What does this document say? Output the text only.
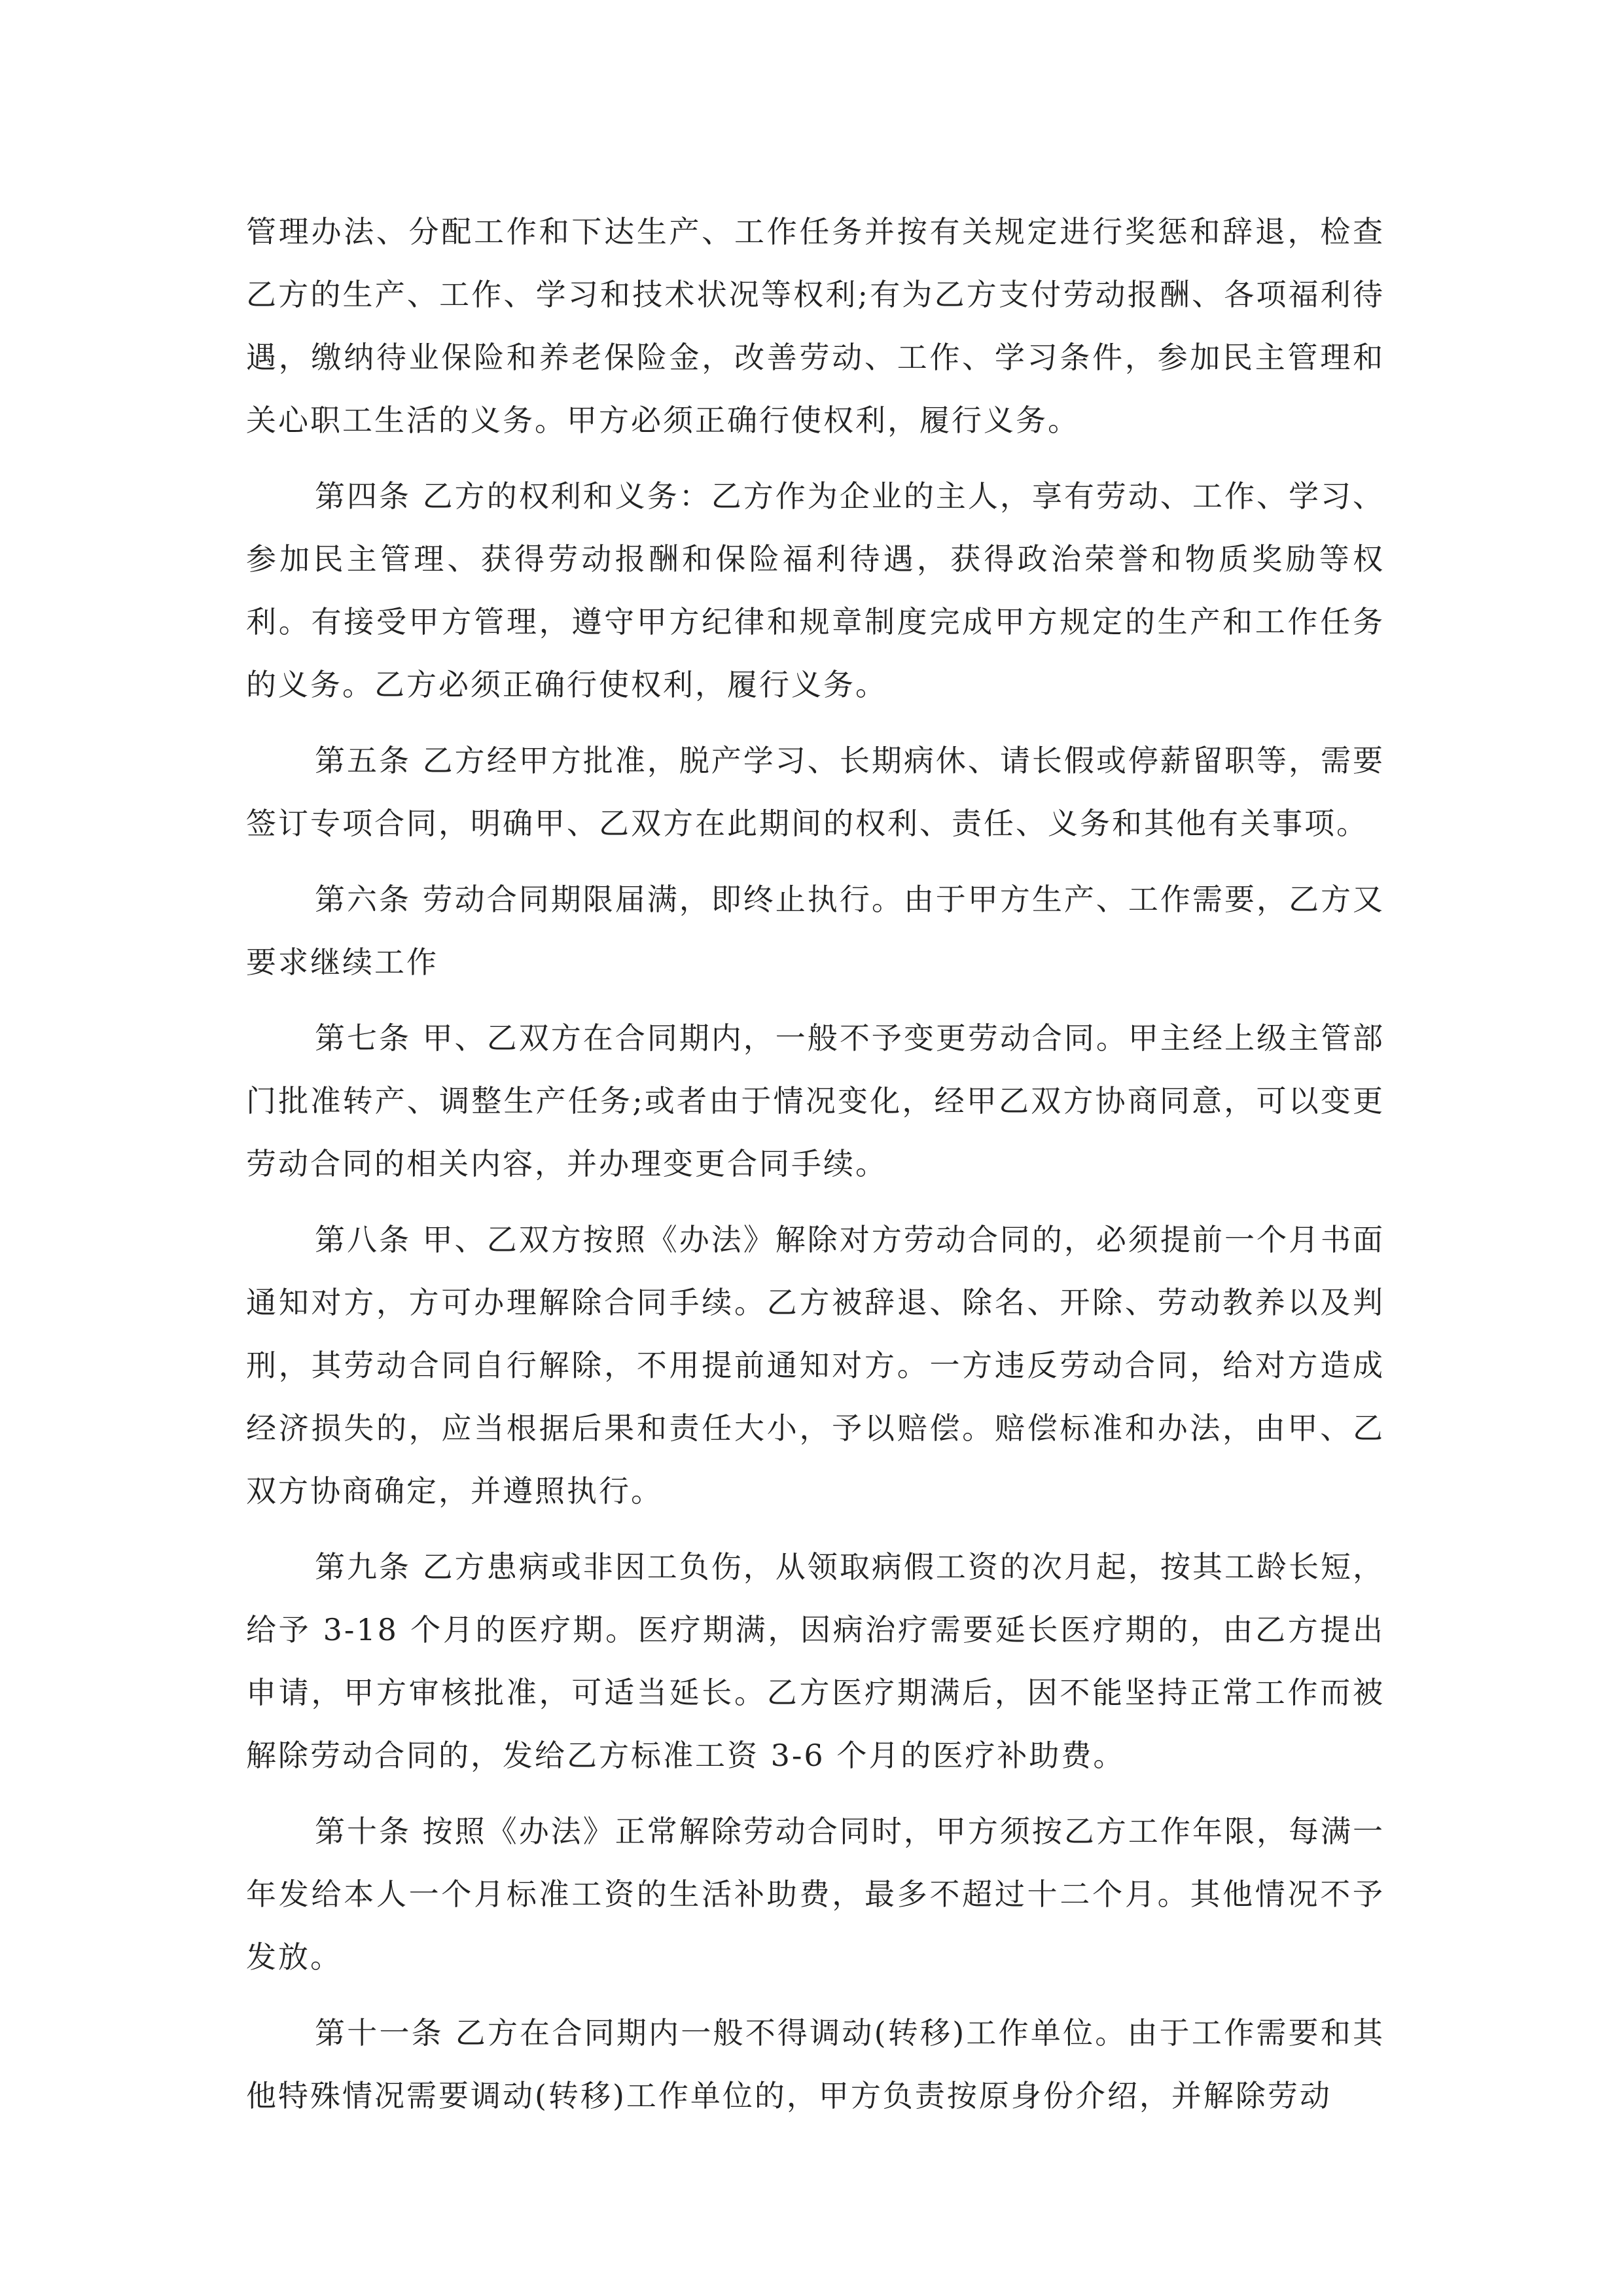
管理办法、分配工作和下达生产、工作任务并按有关规定进行奖惩和辞退，检查乙方的生产、工作、学习和技术状况等权利;有为乙方支付劳动报酬、各项福利待遇，缴纳待业保险和养老保险金，改善劳动、工作、学习条件，参加民主管理和关心职工生活的义务。甲方必须正确行使权利，履行义务。

第四条 乙方的权利和义务：乙方作为企业的主人，享有劳动、工作、学习、参加民主管理、获得劳动报酬和保险福利待遇，获得政治荣誉和物质奖励等权利。有接受甲方管理，遵守甲方纪律和规章制度完成甲方规定的生产和工作任务的义务。乙方必须正确行使权利，履行义务。

第五条 乙方经甲方批准，脱产学习、长期病休、请长假或停薪留职等，需要签订专项合同，明确甲、乙双方在此期间的权利、责任、义务和其他有关事项。

第六条 劳动合同期限届满，即终止执行。由于甲方生产、工作需要，乙方又要求继续工作

第七条 甲、乙双方在合同期内，一般不予变更劳动合同。甲主经上级主管部门批准转产、调整生产任务;或者由于情况变化，经甲乙双方协商同意，可以变更劳动合同的相关内容，并办理变更合同手续。

第八条 甲、乙双方按照《办法》解除对方劳动合同的，必须提前一个月书面通知对方，方可办理解除合同手续。乙方被辞退、除名、开除、劳动教养以及判刑，其劳动合同自行解除，不用提前通知对方。一方违反劳动合同，给对方造成经济损失的，应当根据后果和责任大小，予以赔偿。赔偿标准和办法，由甲、乙双方协商确定，并遵照执行。

第九条 乙方患病或非因工负伤，从领取病假工资的次月起，按其工龄长短，给予 3-18 个月的医疗期。医疗期满，因病治疗需要延长医疗期的，由乙方提出申请，甲方审核批准，可适当延长。乙方医疗期满后，因不能坚持正常工作而被解除劳动合同的，发给乙方标准工资 3-6 个月的医疗补助费。

第十条 按照《办法》正常解除劳动合同时，甲方须按乙方工作年限，每满一年发给本人一个月标准工资的生活补助费，最多不超过十二个月。其他情况不予发放。

第十一条 乙方在合同期内一般不得调动(转移)工作单位。由于工作需要和其他特殊情况需要调动(转移)工作单位的，甲方负责按原身份介绍，并解除劳动
